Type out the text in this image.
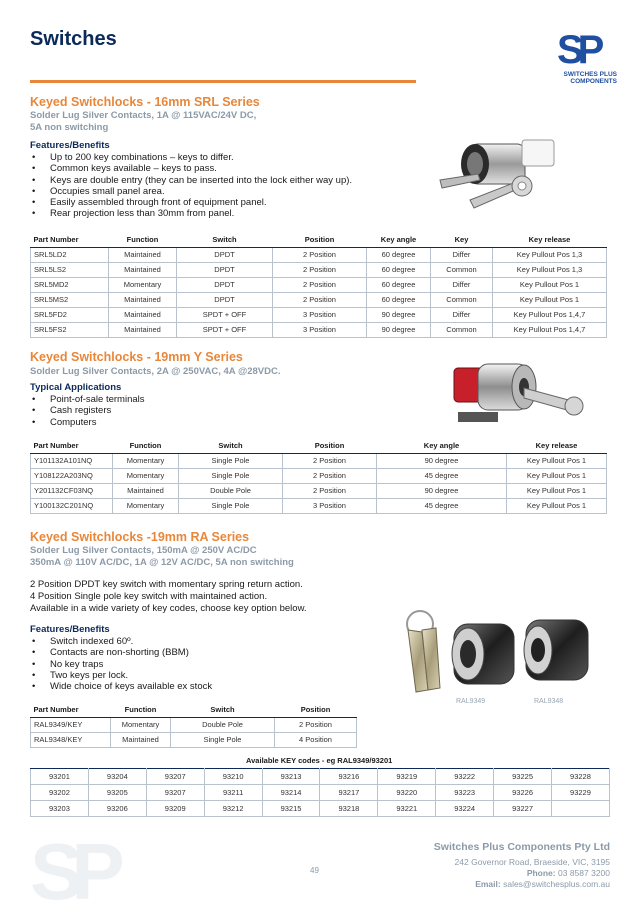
Switches	SP
SWITCHES PLUS
COMPONENTS
Keyed Switchlocks - 16mm SRL Series
Solder Lug Silver Contacts, 1A @ 115VAC/24V DC,
5A non switching
Features/Benefits
• Up to 200 key combinations – keys to differ.
• Common keys available – keys to pass.
• Keys are double entry (they can be inserted into the lock either way up).
• Occupies small panel area.
• Easily assembled through front of equipment panel.
• Rear projection less than 30mm from panel.
Part Number	Function	Switch	Position	Key angle	Key	Key release
SRL5LD2	Maintained	DPDT	2 Position	60 degree	Differ	Key Pullout Pos 1,3
SRL5LS2	Maintained	DPDT	2 Position	60 degree	Common	Key Pullout Pos 1,3
SRL5MD2	Momentary	DPDT	2 Position	60 degree	Differ	Key Pullout Pos 1
SRL5MS2	Maintained	DPDT	2 Position	60 degree	Common	Key Pullout Pos 1
SRL5FD2	Maintained	SPDT + OFF	3 Position	90 degree	Differ	Key Pullout Pos 1,4,7
SRL5FS2	Maintained	SPDT + OFF	3 Position	90 degree	Common	Key Pullout Pos 1,4,7
Keyed Switchlocks - 19mm Y Series
Solder Lug Silver Contacts, 2A @ 250VAC, 4A @28VDC.
Typical Applications
• Point-of-sale terminals
• Cash registers
• Computers
Part Number	Function	Switch	Position	Key angle	Key release
Y101132A101NQ	Momentary	Single Pole	2 Position	90 degree	Key Pullout Pos 1
Y108122A203NQ	Momentary	Single Pole	2 Position	45 degree	Key Pullout Pos 1
Y201132CF03NQ	Maintained	Double Pole	2 Position	90 degree	Key Pullout Pos 1
Y100132C201NQ	Momentary	Single Pole	3 Position	45 degree	Key Pullout Pos 1
Keyed Switchlocks -19mm RA Series
Solder Lug Silver Contacts, 150mA @ 250V AC/DC
350mA @ 110V AC/DC, 1A @ 12V AC/DC, 5A non switching
2 Position DPDT key switch with momentary spring return action.
4 Position Single pole key switch with maintained action.
Available in a wide variety of key codes, choose key option below.
Features/Benefits
• Switch indexed 60º.
• Contacts are non-shorting (BBM)
• No key traps
• Two keys per lock.
• Wide choice of keys available ex stock
RAL9349	RAL9348
Part Number	Function	Switch	Position
RAL9349/KEY	Momentary	Double Pole	2 Position
RAL9348/KEY	Maintained	Single Pole	4 Position
Available KEY codes - eg RAL9349/93201
93201	93204	93207	93210	93213	93216	93219	93222	93225	93228
93202	93205	93207	93211	93214	93217	93220	93223	93226	93229
93203	93206	93209	93212	93215	93218	93221	93224	93227	
SP	49
Switches Plus Components Pty Ltd
242 Governor Road, Braeside, VIC, 3195
Phone: 03 8587 3200
Email: sales@switchesplus.com.au
